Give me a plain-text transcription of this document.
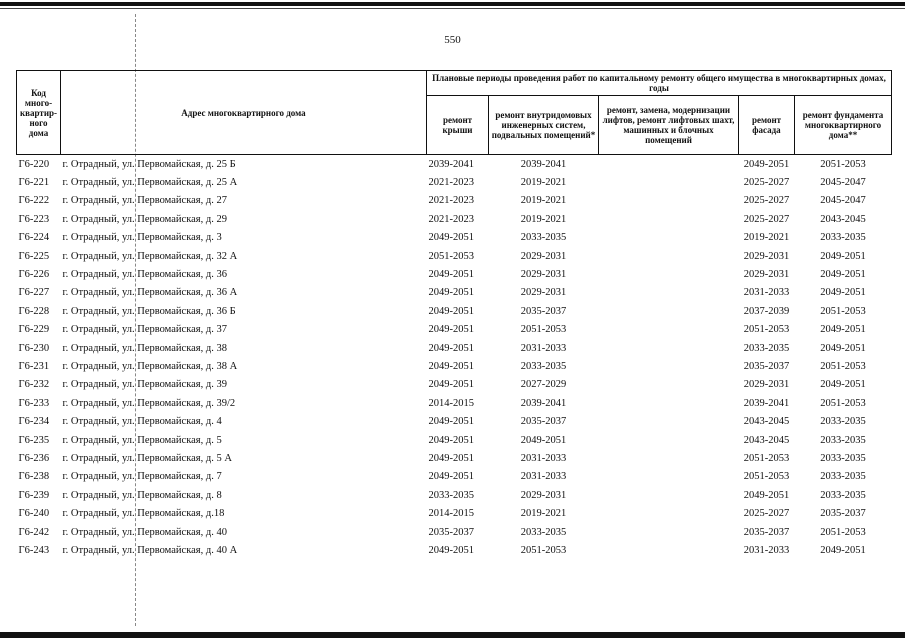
550
Код много-квартир-ного дома	Адрес многоквартирного дома	Плановые периоды проведения работ по капитальному ремонту общего имущества в многоквартирных домах, годы				
		ремонт крыши	ремонт внутридомовых инженерных систем, подвальных помещений*	ремонт, замена, модернизации лифтов, ремонт лифтовых шахт, машинных и блочных помещений	ремонт фасада	ремонт фундамента многоквартирного дома**
Г6-220	г. Отрадный, ул. Первомайская, д. 25 Б	2039-2041	2039-2041		2049-2051	2051-2053
Г6-221	г. Отрадный, ул. Первомайская, д. 25 А	2021-2023	2019-2021		2025-2027	2045-2047
Г6-222	г. Отрадный, ул. Первомайская, д. 27	2021-2023	2019-2021		2025-2027	2045-2047
Г6-223	г. Отрадный, ул. Первомайская, д. 29	2021-2023	2019-2021		2025-2027	2043-2045
Г6-224	г. Отрадный, ул. Первомайская, д. 3	2049-2051	2033-2035		2019-2021	2033-2035
Г6-225	г. Отрадный, ул. Первомайская, д. 32 А	2051-2053	2029-2031		2029-2031	2049-2051
Г6-226	г. Отрадный, ул. Первомайская, д. 36	2049-2051	2029-2031		2029-2031	2049-2051
Г6-227	г. Отрадный, ул. Первомайская, д. 36 А	2049-2051	2029-2031		2031-2033	2049-2051
Г6-228	г. Отрадный, ул. Первомайская, д. 36 Б	2049-2051	2035-2037		2037-2039	2051-2053
Г6-229	г. Отрадный, ул. Первомайская, д. 37	2049-2051	2051-2053		2051-2053	2049-2051
Г6-230	г. Отрадный, ул. Первомайская, д. 38	2049-2051	2031-2033		2033-2035	2049-2051
Г6-231	г. Отрадный, ул. Первомайская, д. 38 А	2049-2051	2033-2035		2035-2037	2051-2053
Г6-232	г. Отрадный, ул. Первомайская, д. 39	2049-2051	2027-2029		2029-2031	2049-2051
Г6-233	г. Отрадный, ул. Первомайская, д. 39/2	2014-2015	2039-2041		2039-2041	2051-2053
Г6-234	г. Отрадный, ул. Первомайская, д. 4	2049-2051	2035-2037		2043-2045	2033-2035
Г6-235	г. Отрадный, ул. Первомайская, д. 5	2049-2051	2049-2051		2043-2045	2033-2035
Г6-236	г. Отрадный, ул. Первомайская, д. 5 А	2049-2051	2031-2033		2051-2053	2033-2035
Г6-238	г. Отрадный, ул. Первомайская, д. 7	2049-2051	2031-2033		2051-2053	2033-2035
Г6-239	г. Отрадный, ул. Первомайская, д. 8	2033-2035	2029-2031		2049-2051	2033-2035
Г6-240	г. Отрадный, ул. Первомайская, д.18	2014-2015	2019-2021		2025-2027	2035-2037
Г6-242	г. Отрадный, ул. Первомайская, д. 40	2035-2037	2033-2035		2035-2037	2051-2053
Г6-243	г. Отрадный, ул. Первомайская, д. 40 А	2049-2051	2051-2053		2031-2033	2049-2051
